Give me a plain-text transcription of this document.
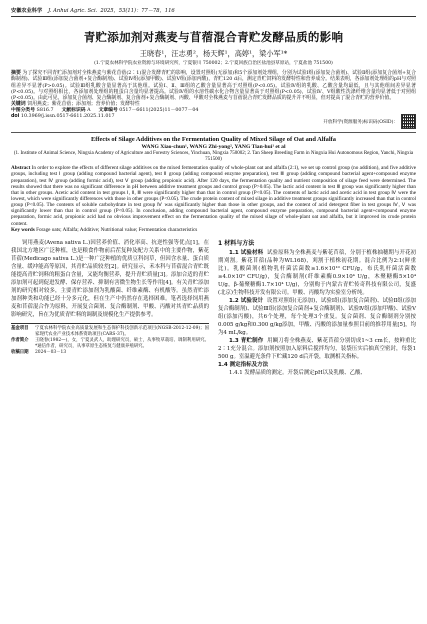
安徽农业科学 J. Anhui Agric. Sci. 2025，53(11)：77－78，116
青贮添加剂对燕麦与苜蓿混合青贮发酵品质的影响
王晓春¹，汪志勇²，杨天辉¹，高婷¹，梁小军¹*
(1.宁夏农林科学院农业资源与环境研究所，宁夏银川 750002；2.宁夏回族自治区盐池县草原站，宁夏盐池 751500)
摘要 为了探究不同青贮添加剂对全株燕麦与紫花苜蓿(2∶1)混合发酵青贮的影响，设置对照组(无添加)和5个添加剂处理组，分别为试验Ⅰ组(添加复合菌剂)、试验Ⅱ组(添加复合菌剂+复合酶制剂)、试验Ⅲ组(添加复合菌剂+复合酶制剂)、试验Ⅳ组(添加甲酸)、试验Ⅴ组(添加丙酸)，青贮120 d后，测定青贮饲料的发酵特性和营养成分。结果表明，各添加剂处理组的pH与对照组差异不显著(P>0.05)。试验Ⅲ组乳酸含量显著高于其他组。试验Ⅰ、Ⅱ、Ⅲ组的乙酸含量显著高于对照组(P<0.05)。试验Ⅳ组的乳酸、乙酸含量均最低，且与其他组间差异显著(P<0.05)。与对照组相比，各添加剂处理组的粗蛋白含量均显著提高。试验Ⅳ组的水溶性碳水化合物含量显著高于对照组(P<0.05)，试验Ⅳ、Ⅴ组酸性洗涤纤维含量均显著低于对照组(P<0.05)。由此可见，添加复合菌剂、复合酶制剂、复合菌剂+复合酶制剂、丙酸、甲酸对全株燕麦与苜蓿混合青贮发酵品质的提升并不明显，但对提高了混合青贮的营养价值。
关键词 饲用燕麦；紫花苜蓿；添加剂；营养价值；发酵特性
中图分类号
S816.7 文献标识码
A 文章编号
0517－6611(2025)11－0077－04
doi
10.3969/j.issn.0517-6611.2025.11.017
开放科学(资源服务)标识码(OSID)：
Effects of Silage Additives on the Fermentation Quality of Mixed Silage of Oat and Alfalfa
WANG Xiao-chun¹, WANG Zhi-yong², YANG Tian-hui¹ et al
(1. Institute of Animal Science, Ningxia Academy of Agriculture and Forestry Sciences, Yinchuan, Ningxia 750002; 2. Tan Sheep Breeding Farm in Ningxia Hui Autonomous Region, Yanchi, Ningxia 751500)
Abstract In order to explore the effects of different silage additives on the mixed fermentation quality of whole-plant oat and alfalfa (2∶1), we set up control group (no addition), and five additive groups, including test Ⅰ group (adding compound bacterial agent), test Ⅱ group (adding compound enzyme preparation), test Ⅲ group (adding compound bacterial agent+compound enzyme preparation), test Ⅳ group (adding formic acid), test Ⅴ group (adding propionic acid). After 120 days, the fermentation quality and nutrient composition of silage feed were determined. The results showed that there was no significant difference in pH between additive treatment groups and control group (P>0.05). The lactic acid content in test Ⅲ group was significantly higher than that in other groups. Acetic acid content in test groups Ⅰ, Ⅱ, Ⅲ were significantly higher than that in control group (P<0.05). The contents of lactic acid and acetic acid in test group Ⅳ were the lowest, which were significantly differences with those in other groups (P<0.05). The crude protein content of mixed silage in additive treatment groups significantly increased than that in control group (P<0.05). The contents of soluble carbohydrate in test group Ⅳ was significantly higher than those in other groups, and the content of acid detergent fiber in test groups Ⅳ, Ⅴ was significantly lower than that in control group (P<0.05). In conclusion, adding compound bacterial agent, compound enzyme preparation, compound bacterial agent+compound enzyme preparation, formic acid, propionic acid had no obvious improvement effect on the fermentation quality of the mixed silage of whole-plant oat and alfalfa, but it improved its crude protein content.
Key words Forage oats; Alfalfa; Additive; Nutritional value; Fermentation characteristics

饲用燕麦(Avena sativa L.)因营养价值、消化率高、抗逆性强等优点[1]，在我国北方地区广泛种植，也是粮食作物前后茬复种及配方关系中的主要作物，紫花苜蓿(Medicago sativa L.)是一种广泛种植的优质豆科饲草，但因含水量、蛋白质含量、缓冲能高等原因，其青贮品质较差[2]。研究显示，禾本科与苜蓿混合青贮既能提高青贮饲料的粗蛋白含量，又能均衡营养，提升青贮质量[3]。添加合适的青贮添加剂可起到促进发酵、保存营养、抑制有害微生物生长等作用[4]。有关青贮添加剂的研究相对较多，主要青贮添加剂为乳酸菌、纤维素酶、有机酸等。虽然青贮添加剂种类和功能已经十分多元化，但在生产中仍然存在选择困难。笔者选择饲用燕麦和苜蓿混合作为原料，开展复合菌剂、复合酶制剂、甲酸、丙酸对其青贮品质的影响研究，旨在为优质青贮料的调制及规模化生产提供参考。

基金项目	宁夏农林科学院农业高质量发展和生态保护科技创新示范项目(NGSB-2012-12-09)；国家现代农业产业技术体系资助项目(CARS-37)。
作者简介	王晓春(1982—)，女，宁夏灵武人，助理研究员，硕士，从事牧草栽培、调制利用研究。*通信作者，研究员，从事草原生态恢复与健康养殖研究。
收稿日期	2024－03－13
1 材料与方法

1.1 试验材料 试验原料为全株燕麦与紫花苜蓿，分别于植株抽穗期与开花初期刈割。紫花苜蓿(品种为WL168)，刈割于植株初花期。混合比例为2:1(鲜重比)。乳酸菌剂(植物乳杆菌活菌数≥1.6×10¹⁰ CFU/g，布氏乳杆菌活菌数≥4.0×10⁹ CFU/g)，复合酶制剂(纤维素酶0.9×10⁴ U/g，木聚糖酶5×10⁴ U/g，β-葡聚糖酶1.7×10⁴ U/g)，分别购于内蒙古青贮传奇科技有限公司，复盛(北京)生物科技开发有限公司。甲酸、丙酸均为实验室分析纯。

1.2 试验设计 设置对照组(无添加)，试验Ⅰ组(添加复合菌剂)、试验Ⅱ组(添加复合酶制剂)、试验Ⅲ组(添加复合菌剂+复合酶制剂)、试验Ⅳ组(添加甲酸)、试验Ⅴ组(添加丙酸)，共6个处理，每个处理3个重复。复合菌剂、复合酶制剂分别按0.005 g/kg和0.300 g/kg添加，甲酸、丙酸的添加量参照目前的推荐用量[5]，均为4 mL/kg。

1.3 青贮制作 用鲷刀将全株燕麦、紫花苜蓿分别切成1~3 cm长，按鲜重比2∶1充分混合。添加剂按照加入原料后搅拌均匀，装袋压实后抽真空密封，每袋1 500 g。室温避光条件下贮藏120 d后开袋，取测相关指标。

1.4 测定指标及方法

1.4.1 发酵品质的测定。开袋后测定pH以及乳酸、乙酸、
